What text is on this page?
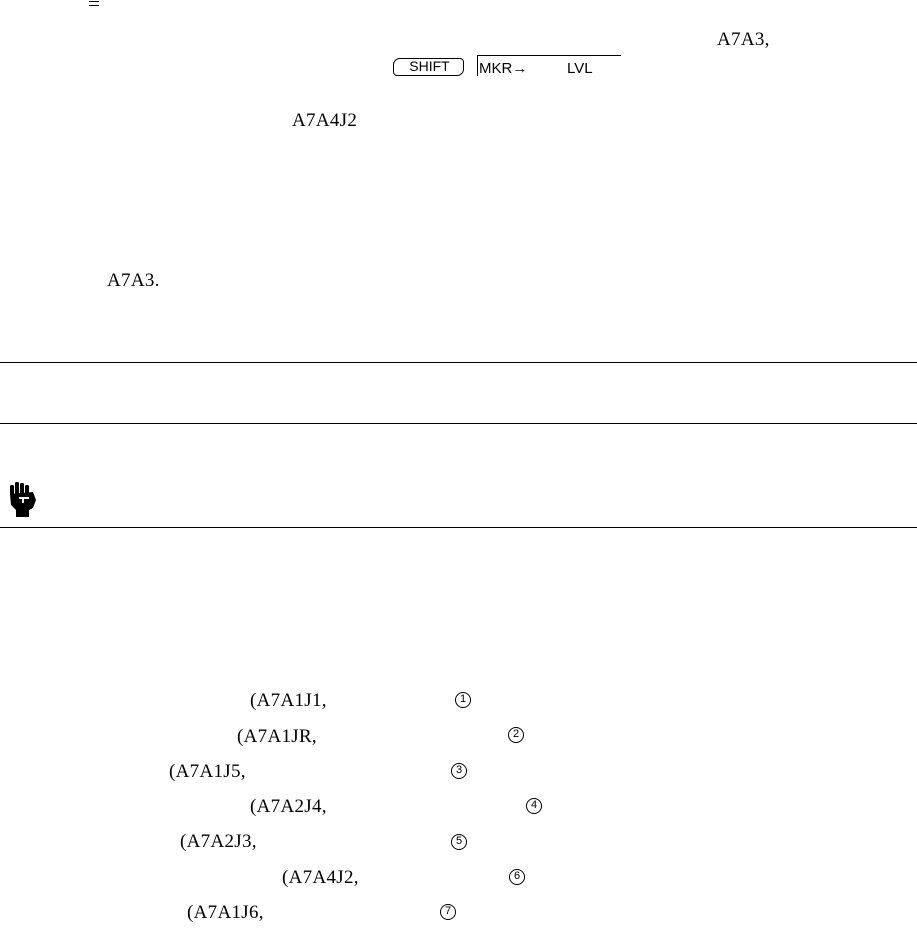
A7A3,
SHIFT	MKR→	LVL
A7A4J2
A7A3.
(A7A1J1,	1
(A7A1JR,	2
(A7A1J5,	3
(A7A2J4,	4
(A7A2J3,	5
(A7A4J2,	6
(A7A1J6,	7
